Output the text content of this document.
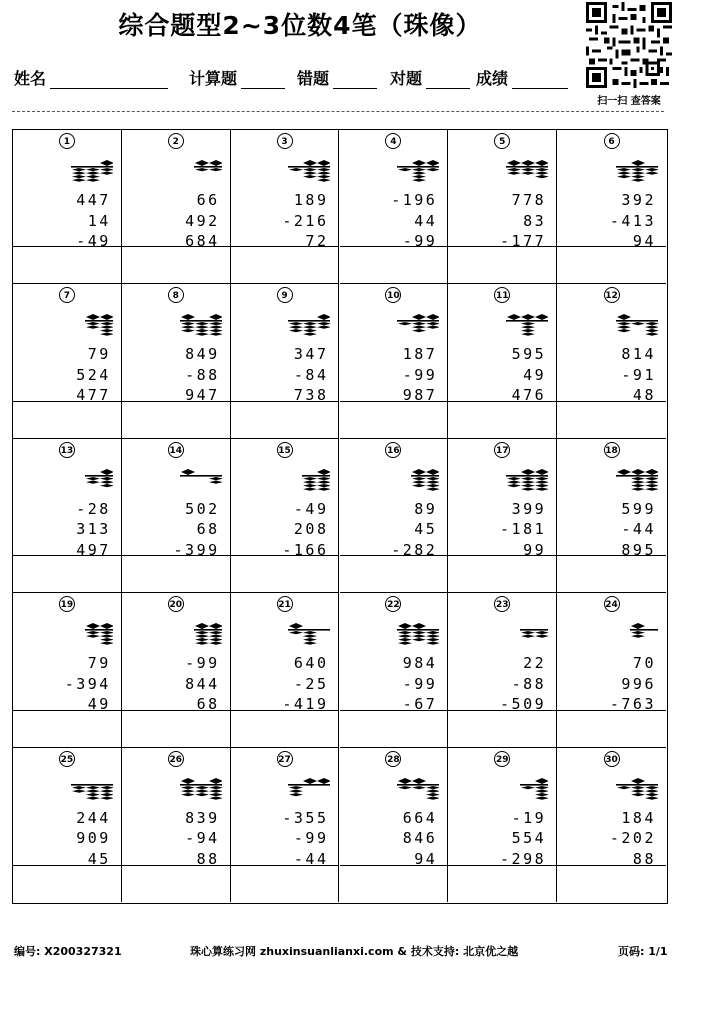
综合题型2~3位数4笔（珠像）
扫一扫 查答案
姓名	计算题	错题	对题	成绩
1
447
14
-49
2
66
492
684
3
189
-216
72
4
-196
44
-99
5
778
83
-177
6
392
-413
94
7
79
524
477
8
849
-88
947
9
347
-84
738
10
187
-99
987
11
595
49
476
12
814
-91
48
13
-28
313
497
14
502
68
-399
15
-49
208
-166
16
89
45
-282
17
399
-181
99
18
599
-44
895
19
79
-394
49
20
-99
844
68
21
640
-25
-419
22
984
-99
-67
23
22
-88
-509
24
70
996
-763
25
244
909
45
26
839
-94
88
27
-355
-99
-44
28
664
846
94
29
-19
554
-298
30
184
-202
88
编号: X200327321	珠心算练习网 zhuxinsuanlianxi.com & 技术支持: 北京优之越	页码: 1/1
